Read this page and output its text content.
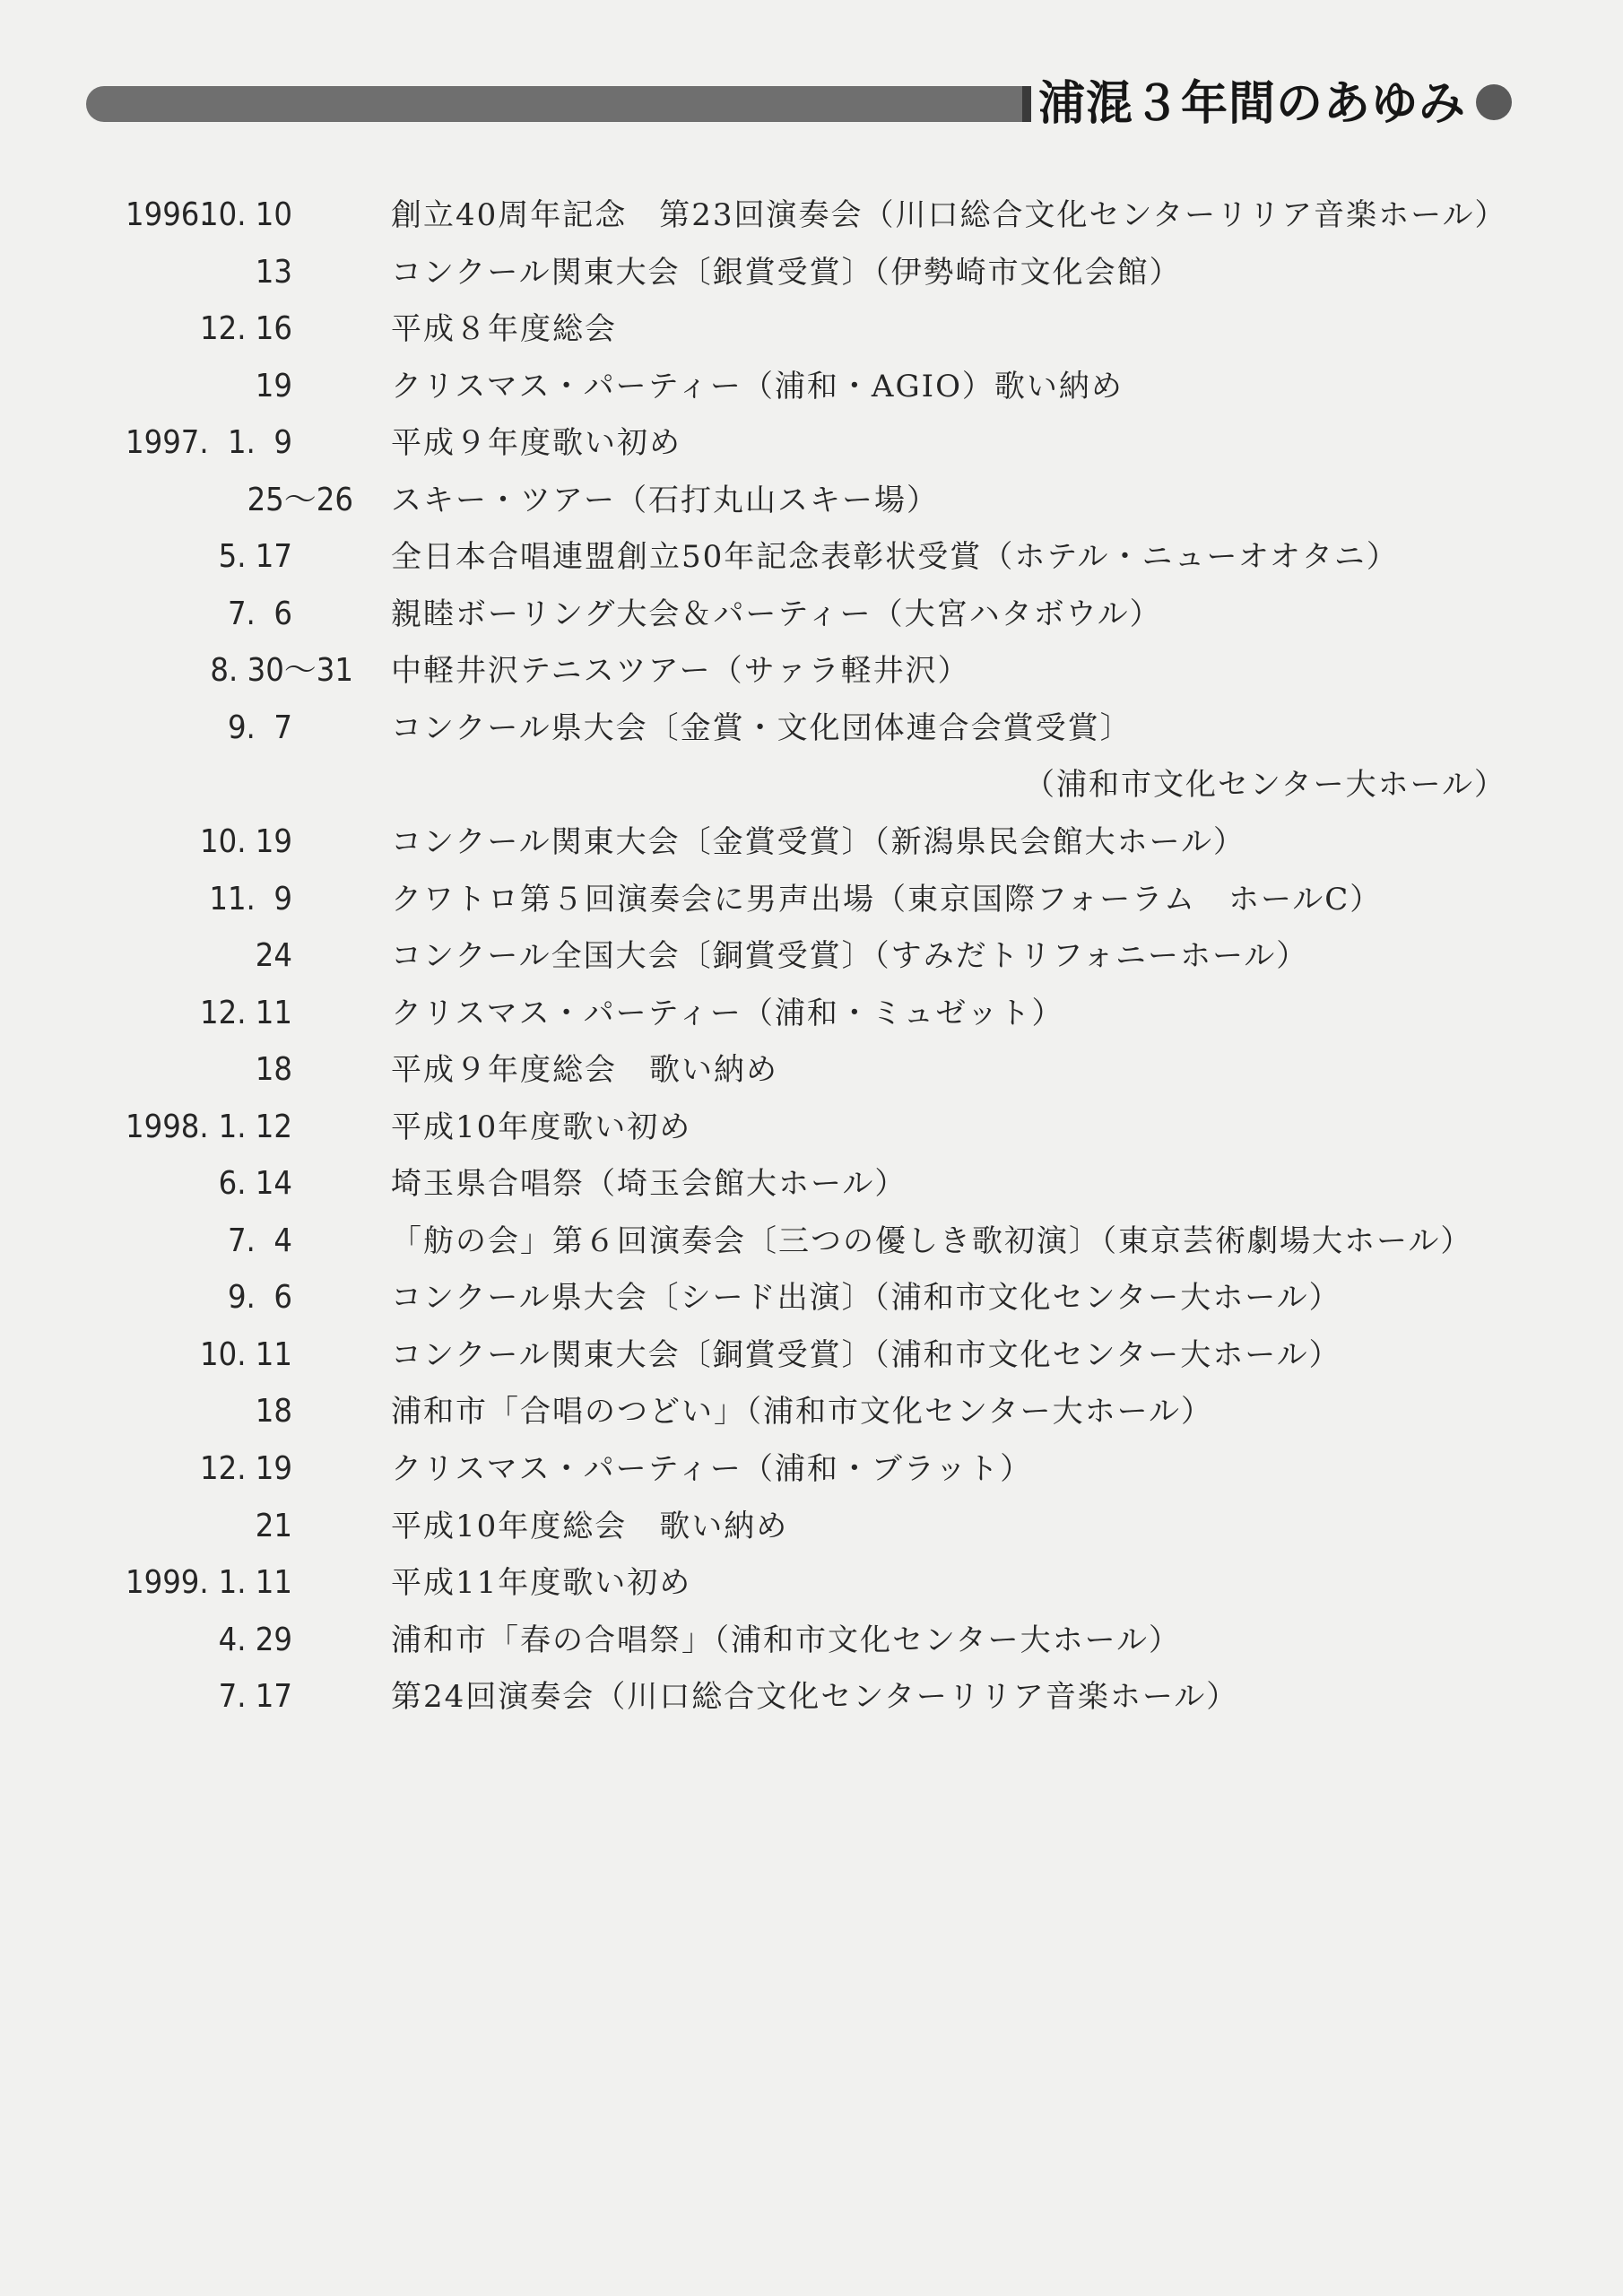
浦混３年間のあゆみ
1996.
10. 10	創立40周年記念　第23回演奏会（川口総合文化センターリリア音楽ホール）
13	コンクール関東大会〔銀賞受賞〕（伊勢崎市文化会館）
12. 16	平成８年度総会
19	クリスマス・パーティー（浦和・AGIO）歌い納め
1997. 1.  9	平成９年度歌い初め
25〜26 スキー・ツアー（石打丸山スキー場）
5. 17	全日本合唱連盟創立50年記念表彰状受賞（ホテル・ニューオオタニ）
7.  6	親睦ボーリング大会＆パーティー（大宮ハタボウル）
8. 30〜31 中軽井沢テニスツアー（サァラ軽井沢）
9.  7	コンクール県大会〔金賞・文化団体連合会賞受賞〕
（浦和市文化センター大ホール）
10. 19	コンクール関東大会〔金賞受賞〕（新潟県民会館大ホール）
11.  9	クワトロ第５回演奏会に男声出場（東京国際フォーラム　ホールC）
24	コンクール全国大会〔銅賞受賞〕（すみだトリフォニーホール）
12. 11	クリスマス・パーティー（浦和・ミュゼット）
18	平成９年度総会　歌い納め
1998. 1. 12	平成10年度歌い初め
6. 14	埼玉県合唱祭（埼玉会館大ホール）
7.  4	「舫の会」第６回演奏会〔三つの優しき歌初演〕（東京芸術劇場大ホール）
9.  6	コンクール県大会〔シード出演〕（浦和市文化センター大ホール）
10. 11	コンクール関東大会〔銅賞受賞〕（浦和市文化センター大ホール）
18	浦和市「合唱のつどい」（浦和市文化センター大ホール）
12. 19	クリスマス・パーティー（浦和・ブラット）
21	平成10年度総会　歌い納め
1999. 1. 11	平成11年度歌い初め
4. 29	浦和市「春の合唱祭」（浦和市文化センター大ホール）
7. 17	第24回演奏会（川口総合文化センターリリア音楽ホール）
